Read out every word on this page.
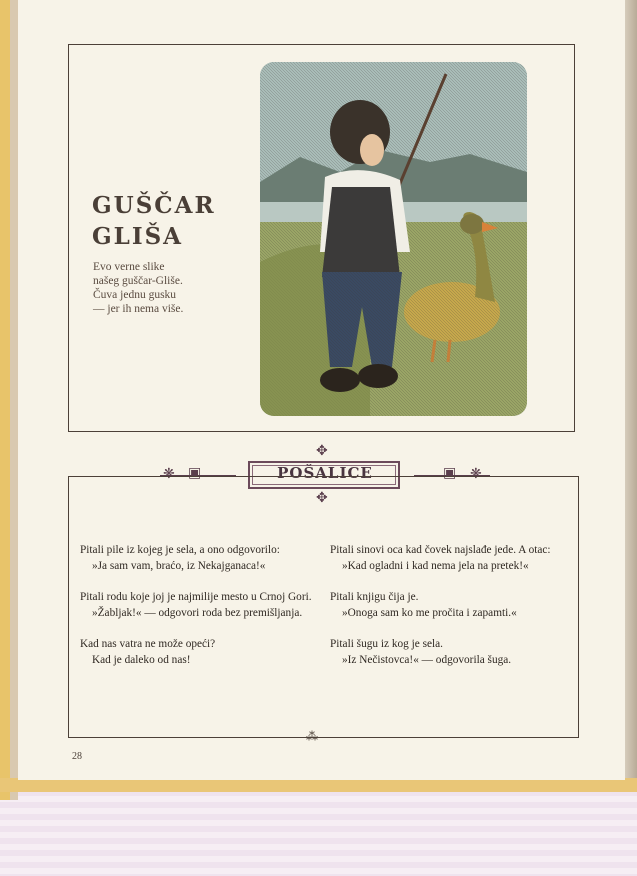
GUŠČAR
GLIŠA

Evo verne slike
našeg guščar-Gliše.
Čuva jednu gusku
— jer ih nema više.

POŠALICE
❋ ▣	▣ ❋
✥
✥

Pitali pile iz kojeg je sela, a ono odgovorilo:
»Ja sam vam, braćo, iz Nekajganaca!«

Pitali rodu koje joj je najmilije mesto u Crnoj Gori.
»Žabljak!« — odgovori roda bez premišljanja.

Kad nas vatra ne može opeći?
Kad je daleko od nas!

Pitali sinovi oca kad čovek najslađe jede. A otac:
»Kad ogladni i kad nema jela na pretek!«

Pitali knjigu čija je.
»Onoga sam ko me pročita i zapamti.«

Pitali šugu iz kog je sela.
»Iz Nečistovca!« — odgovorila šuga.

⁂

28
